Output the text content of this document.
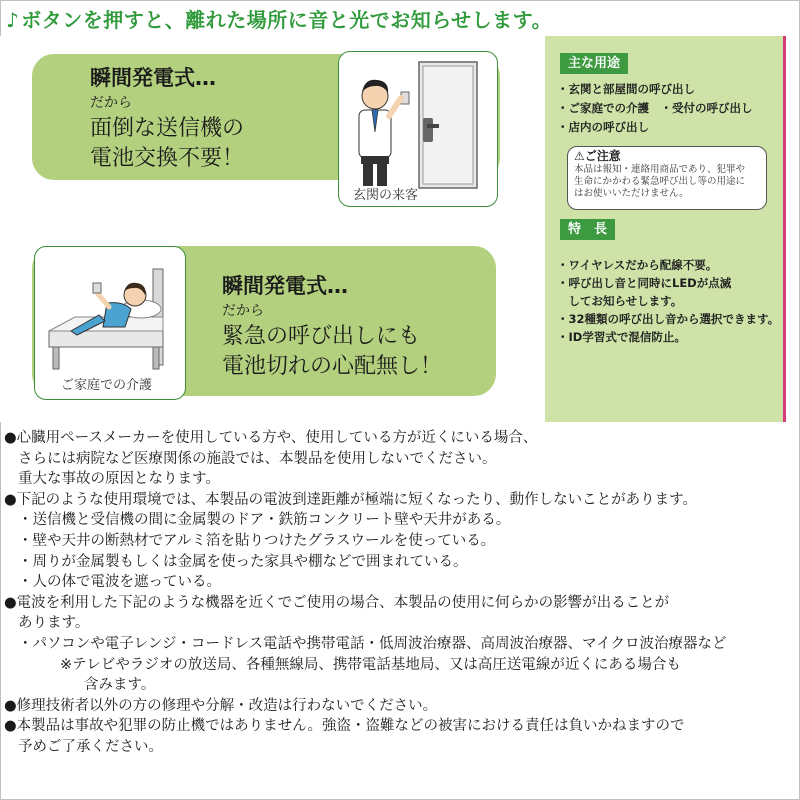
♪ ボタンを押すと、離れた場所に音と光でお知らせします。
瞬間発電式…
だから
面倒な送信機の
電池交換不要！
玄関の来客
瞬間発電式…
だから
緊急の呼び出しにも
電池切れの心配無し！
ご家庭での介護
主な用途
・玄関と部屋間の呼び出し
・ご家庭での介護　・受付の呼び出し
・店内の呼び出し
⚠ご注意
本品は報知・連絡用商品であり、犯罪や
生命にかかわる緊急呼び出し等の用途に
はお使いいただけません。
特　長
・ワイヤレスだから配線不要。
・呼び出し音と同時にLEDが点滅
　してお知らせします。
・32種類の呼び出し音から選択できます。
・ID学習式で混信防止。
●心臓用ペースメーカーを使用している方や、使用している方が近くにいる場合、
さらには病院など医療関係の施設では、本製品を使用しないでください。
重大な事故の原因となります。
●下記のような使用環境では、本製品の電波到達距離が極端に短くなったり、動作しないことがあります。
・送信機と受信機の間に金属製のドア・鉄筋コンクリート壁や天井がある。
・壁や天井の断熱材でアルミ箔を貼りつけたグラスウールを使っている。
・周りが金属製もしくは金属を使った家具や棚などで囲まれている。
・人の体で電波を遮っている。
●電波を利用した下記のような機器を近くでご使用の場合、本製品の使用に何らかの影響が出ることが
あります。
・パソコンや電子レンジ・コードレス電話や携帯電話・低周波治療器、高周波治療器、マイクロ波治療器など
※テレビやラジオの放送局、各種無線局、携帯電話基地局、又は高圧送電線が近くにある場合も
含みます。
●修理技術者以外の方の修理や分解・改造は行わないでください。
●本製品は事故や犯罪の防止機ではありません。強盗・盗難などの被害における責任は負いかねますので
予めご了承ください。
